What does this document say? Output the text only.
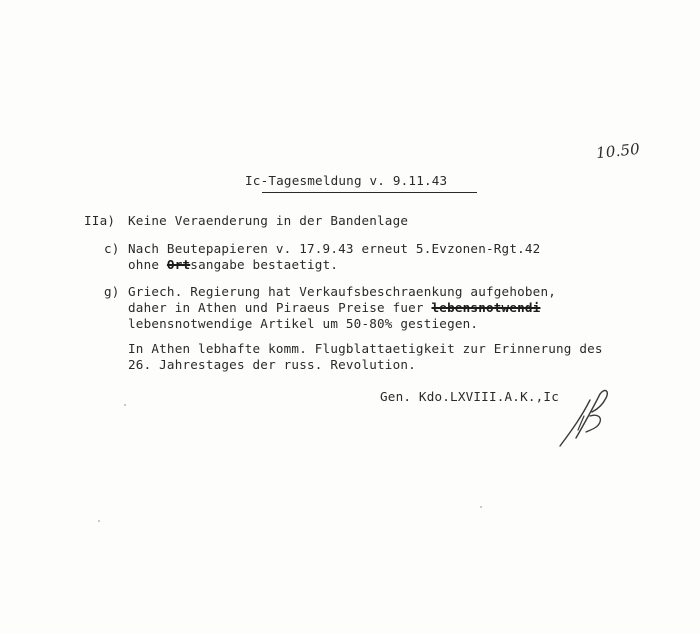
10.50
Ic-Tagesmeldung v. 9.11.43
IIa) Keine Veraenderung in der Bandenlage
c) Nach Beutepapieren v. 17.9.43 erneut 5.Evzonen-Rgt.42
ohne Ortsangabe bestaetigt.
g) Griech. Regierung hat Verkaufsbeschraenkung aufgehoben,
daher in Athen und Piraeus Preise fuer lebensnotwendi
lebensnotwendige Artikel um 50-80% gestiegen.
In Athen lebhafte komm. Flugblattaetigkeit zur Erinnerung des
26. Jahrestages der russ. Revolution.
Gen. Kdo.LXVIII.A.K.,Ic
